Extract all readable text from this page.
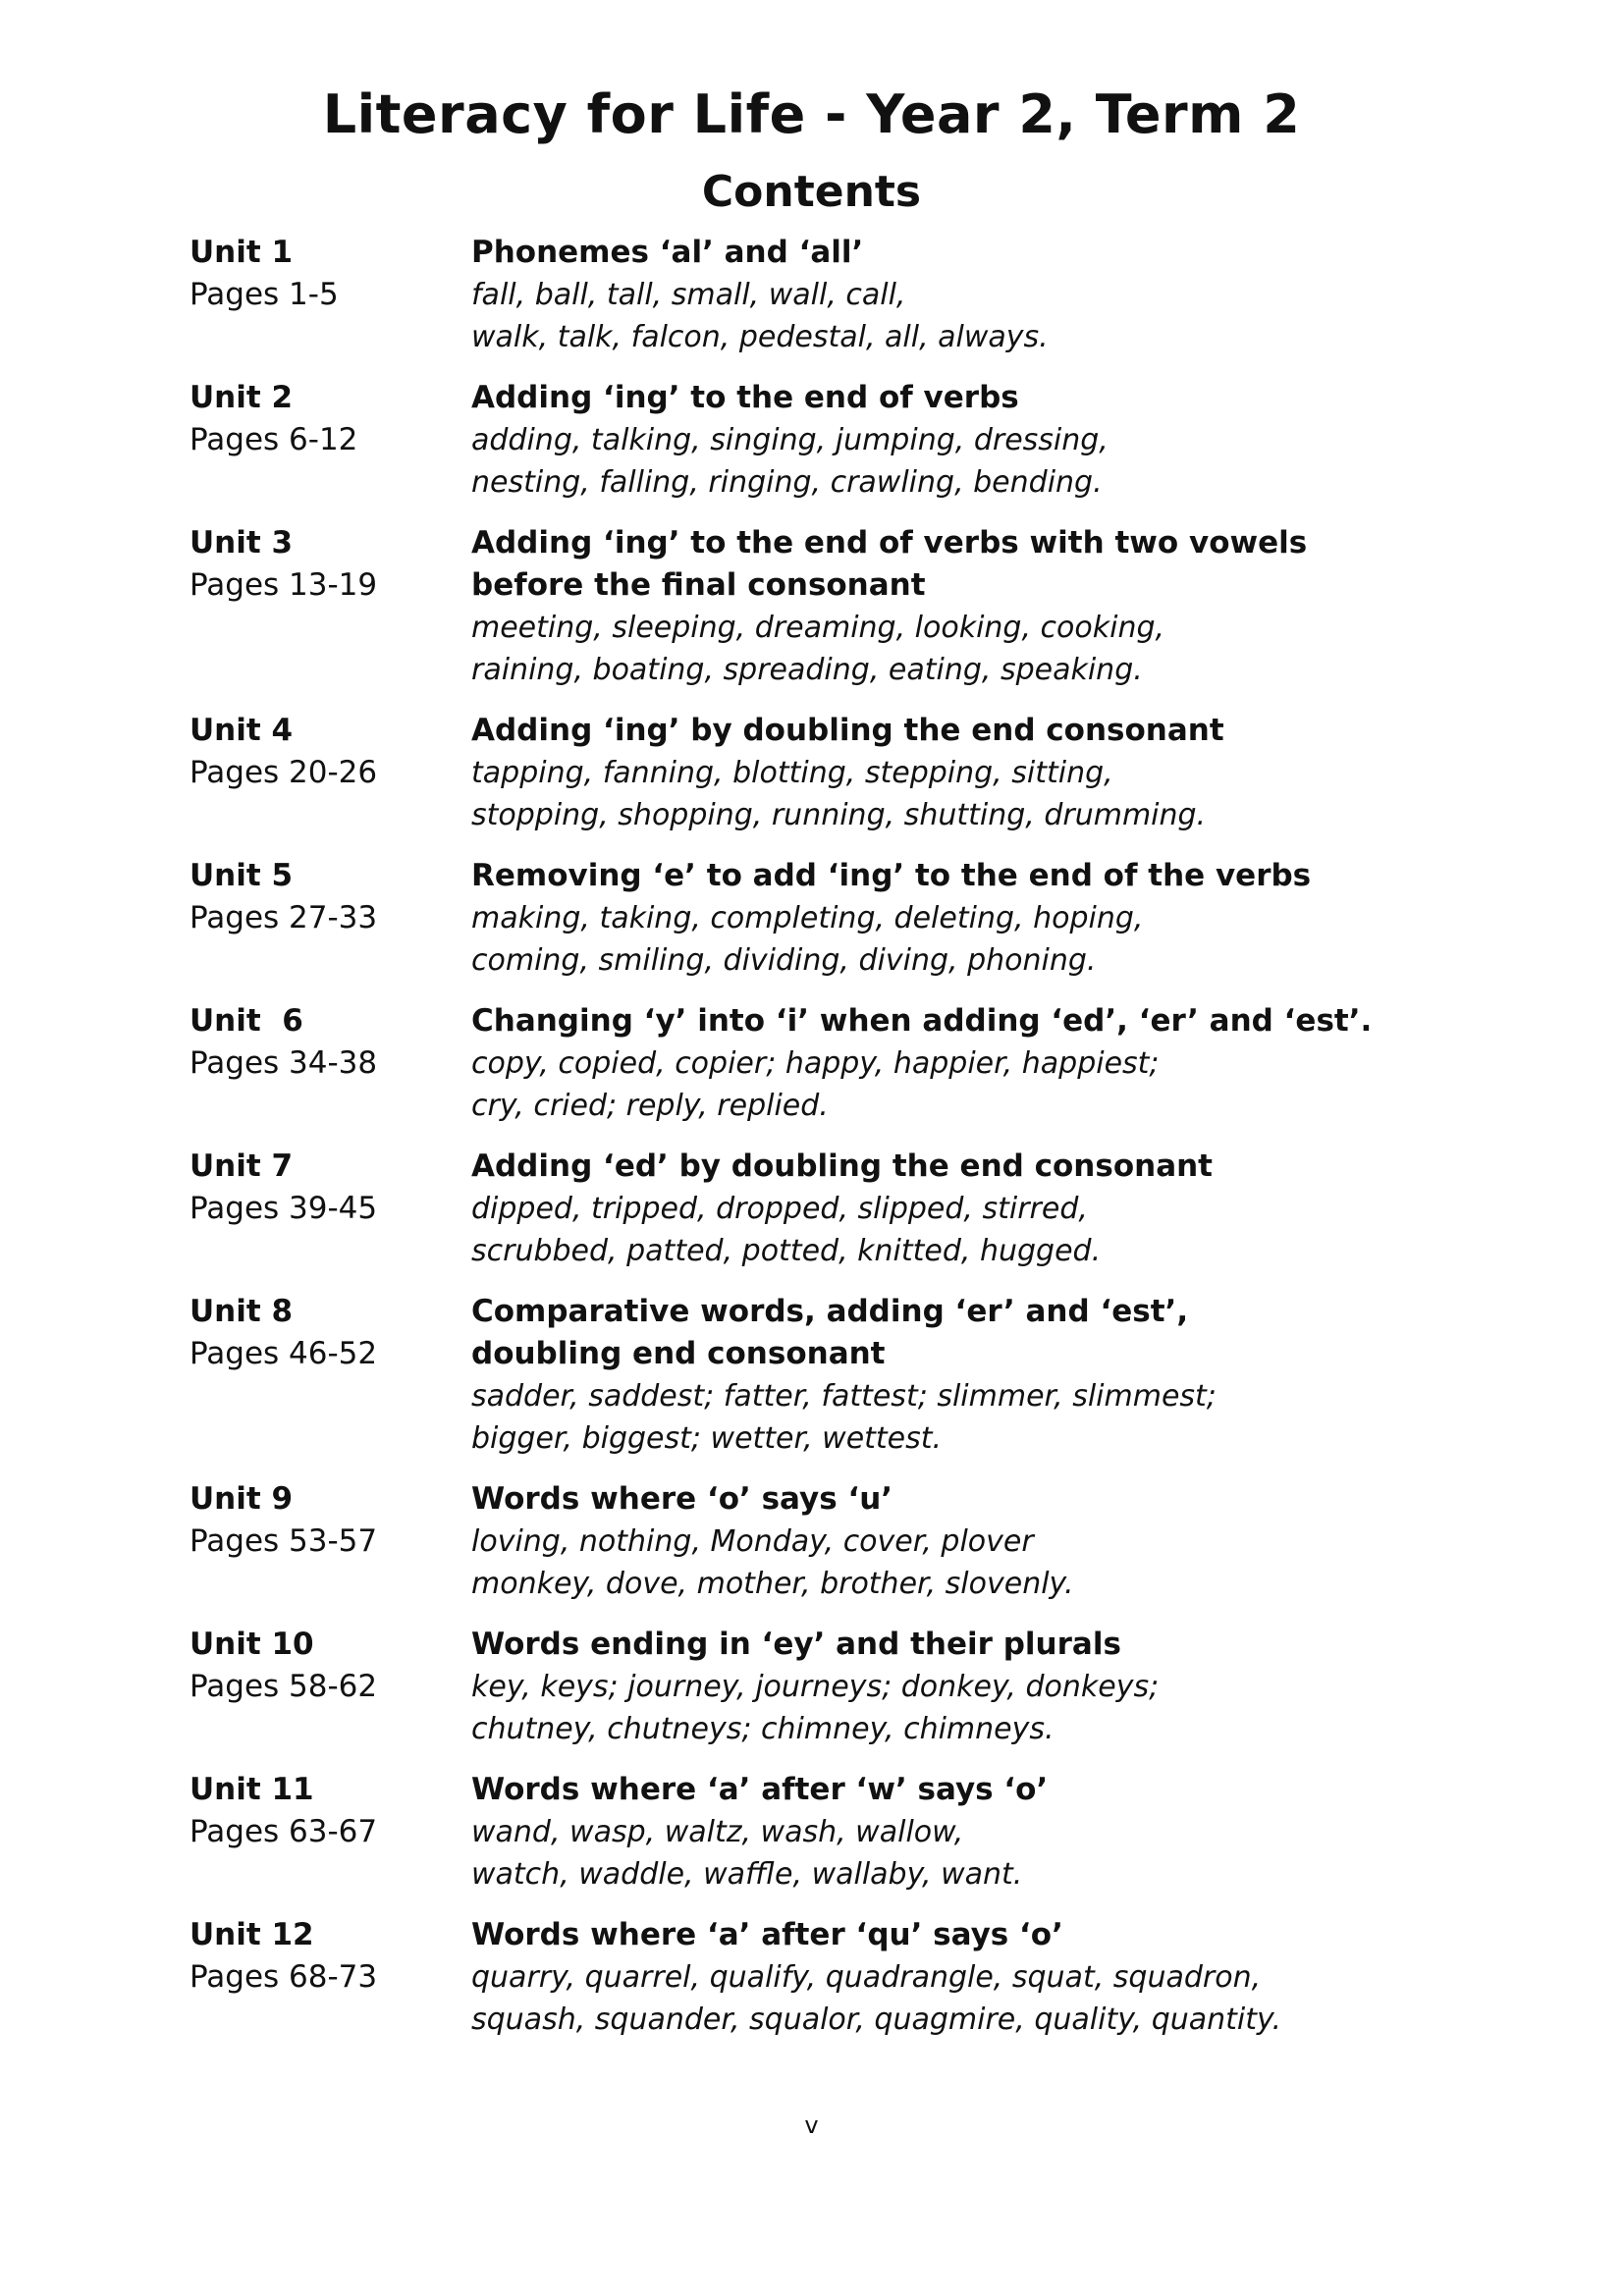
Literacy for Life - Year 2, Term 2
Contents
Unit 1
Pages 1-5
Phonemes ‘al’ and ‘all’
fall, ball, tall, small, wall, call,
walk, talk, falcon, pedestal, all, always.
Unit 2
Pages 6-12
Adding ‘ing’ to the end of verbs
adding, talking, singing, jumping, dressing,
nesting, falling, ringing, crawling, bending.
Unit 3
Pages 13-19
Adding ‘ing’ to the end of verbs with two vowels
before the final consonant
meeting, sleeping, dreaming, looking, cooking,
raining, boating, spreading, eating, speaking.
Unit 4
Pages 20-26
Adding ‘ing’ by doubling the end consonant
tapping, fanning, blotting, stepping, sitting,
stopping, shopping, running, shutting, drumming.
Unit 5
Pages 27-33
Removing ‘e’ to add ‘ing’ to the end of the verbs
making, taking, completing, deleting, hoping,
coming, smiling, dividing, diving, phoning.
Unit  6
Pages 34-38
Changing ‘y’ into ‘i’ when adding ‘ed’, ‘er’ and ‘est’.
copy, copied, copier; happy, happier, happiest;
cry, cried; reply, replied.
Unit 7
Pages 39-45
Adding ‘ed’ by doubling the end consonant
dipped, tripped, dropped, slipped, stirred,
scrubbed, patted, potted, knitted, hugged.
Unit 8
Pages 46-52
Comparative words, adding ‘er’ and ‘est’,
doubling end consonant
sadder, saddest; fatter, fattest; slimmer, slimmest;
bigger, biggest; wetter, wettest.
Unit 9
Pages 53-57
Words where ‘o’ says ‘u’
loving, nothing, Monday, cover, plover
monkey, dove, mother, brother, slovenly.
Unit 10
Pages 58-62
Words ending in ‘ey’ and their plurals
key, keys; journey, journeys; donkey, donkeys;
chutney, chutneys; chimney, chimneys.
Unit 11
Pages 63-67
Words where ‘a’ after ‘w’ says ‘o’
wand, wasp, waltz, wash, wallow,
watch, waddle, waffle, wallaby, want.
Unit 12
Pages 68-73
Words where ‘a’ after ‘qu’ says ‘o’
quarry, quarrel, qualify, quadrangle, squat, squadron,
squash, squander, squalor, quagmire, quality, quantity.
v
